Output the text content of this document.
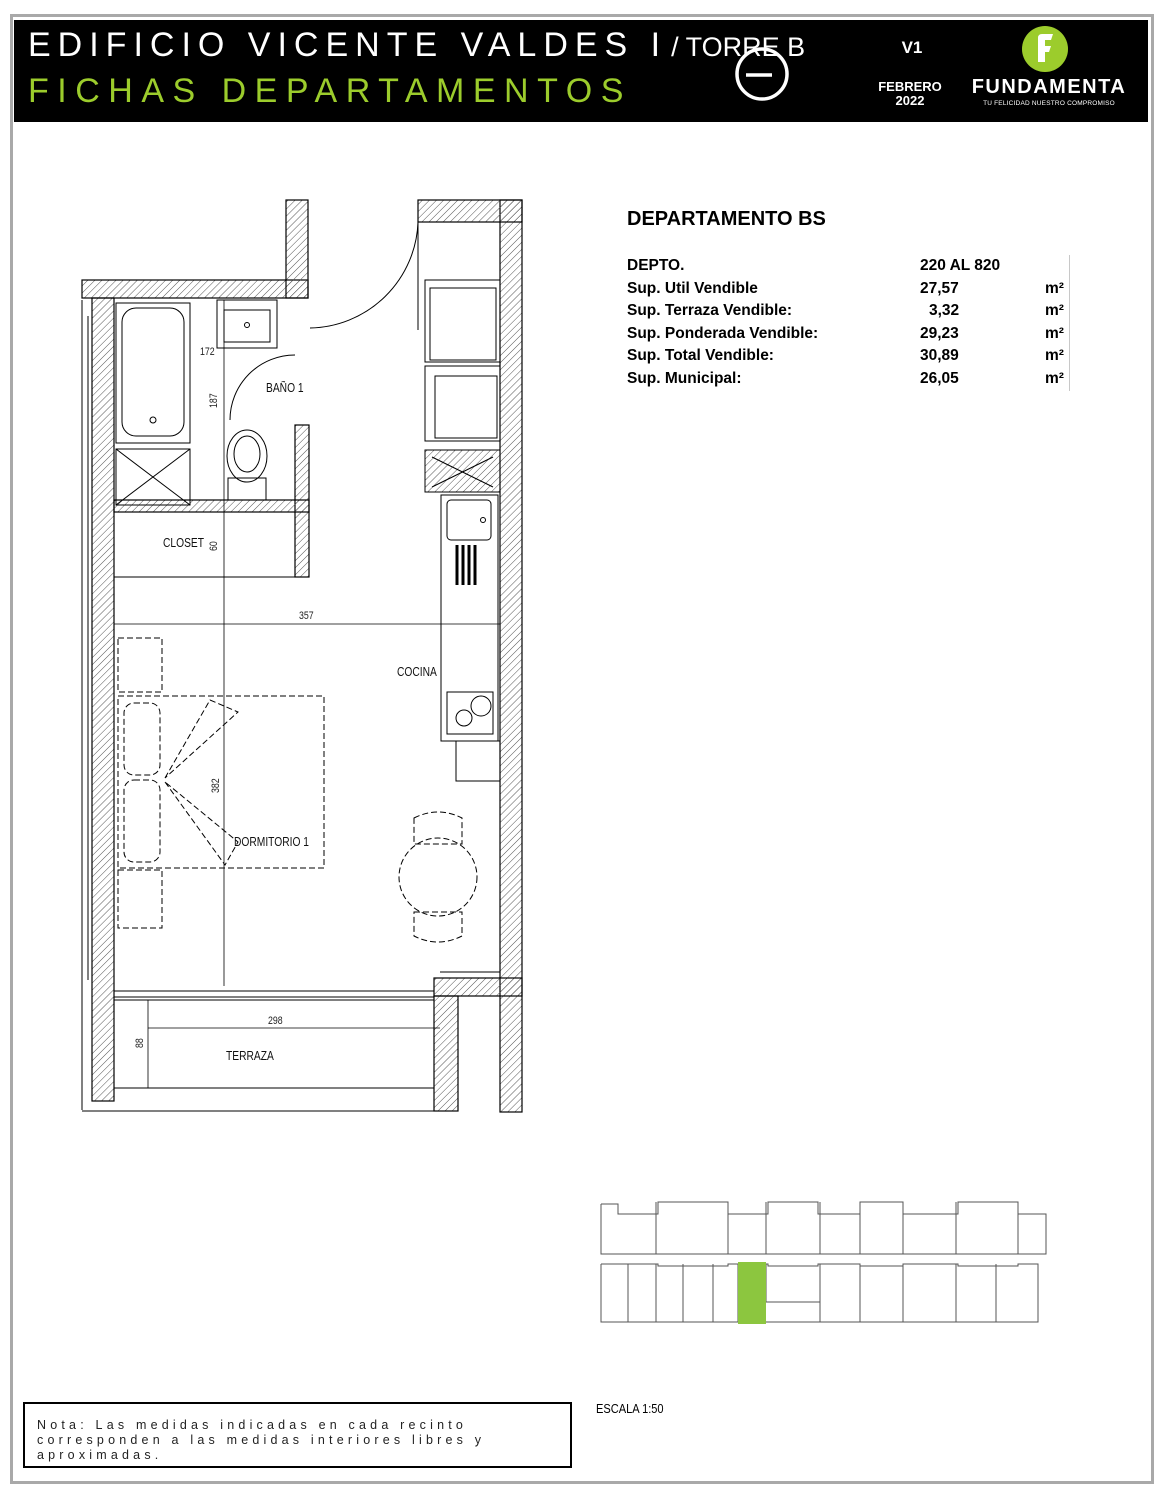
EDIFICIO VICENTE VALDES I / TORRE B
FICHAS DEPARTAMENTOS
V1
FEBRERO
2022
FUNDAMENTA
TU FELICIDAD NUESTRO COMPROMISO
BAÑO 1
CLOSET
COCINA
DORMITORIO 1
TERRAZA
172
187
60
357
382
298
88
DEPARTAMENTO BS
DEPTO.	220 AL 820
Sup. Util Vendible	27,57	m²
Sup. Terraza Vendible:	3,32	m²
Sup. Ponderada Vendible:	29,23	m²
Sup. Total Vendible:	30,89	m²
Sup. Municipal:	26,05	m²
ESCALA 1:50
Nota: Las medidas indicadas en cada recinto corresponden a las medidas interiores libres y aproximadas.
